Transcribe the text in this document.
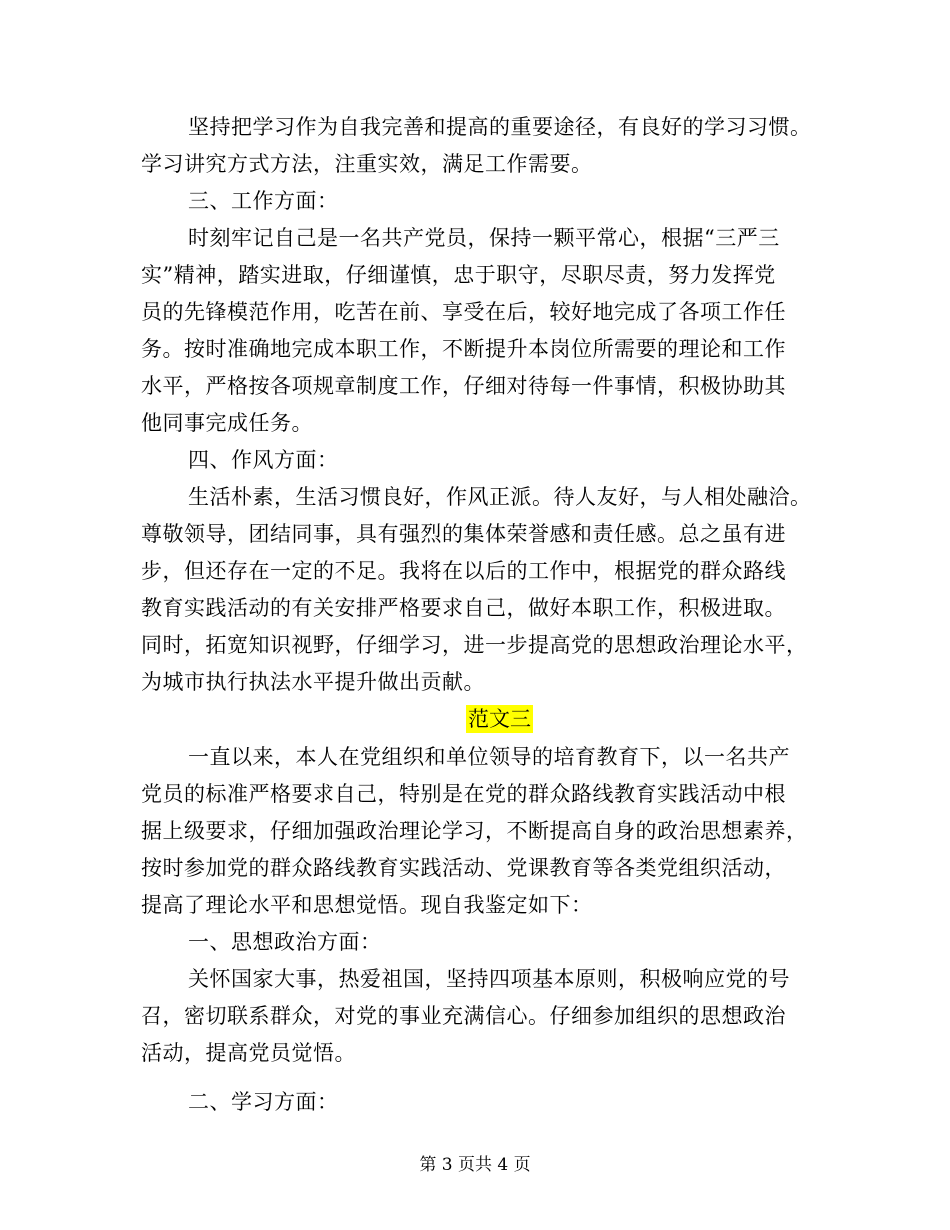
坚持把学习作为自我完善和提高的重要途径，有良好的学习习惯。
学习讲究方式方法，注重实效，满足工作需要。
三、工作方面：
时刻牢记自己是一名共产党员，保持一颗平常心，根据“三严三
实”精神，踏实进取，仔细谨慎，忠于职守，尽职尽责，努力发挥党
员的先锋模范作用，吃苦在前、享受在后，较好地完成了各项工作任
务。按时准确地完成本职工作，不断提升本岗位所需要的理论和工作
水平，严格按各项规章制度工作，仔细对待每一件事情，积极协助其
他同事完成任务。
四、作风方面：
生活朴素，生活习惯良好，作风正派。待人友好，与人相处融洽。
尊敬领导，团结同事，具有强烈的集体荣誉感和责任感。总之虽有进
步，但还存在一定的不足。我将在以后的工作中，根据党的群众路线
教育实践活动的有关安排严格要求自己，做好本职工作，积极进取。
同时，拓宽知识视野，仔细学习，进一步提高党的思想政治理论水平，
为城市执行执法水平提升做出贡献。
范文三
一直以来，本人在党组织和单位领导的培育教育下，以一名共产
党员的标准严格要求自己，特别是在党的群众路线教育实践活动中根
据上级要求，仔细加强政治理论学习，不断提高自身的政治思想素养，
按时参加党的群众路线教育实践活动、党课教育等各类党组织活动，
提高了理论水平和思想觉悟。现自我鉴定如下：
一、思想政治方面：
关怀国家大事，热爱祖国，坚持四项基本原则，积极响应党的号
召，密切联系群众，对党的事业充满信心。仔细参加组织的思想政治
活动，提高党员觉悟。
二、学习方面：
第 3 页共 4 页
